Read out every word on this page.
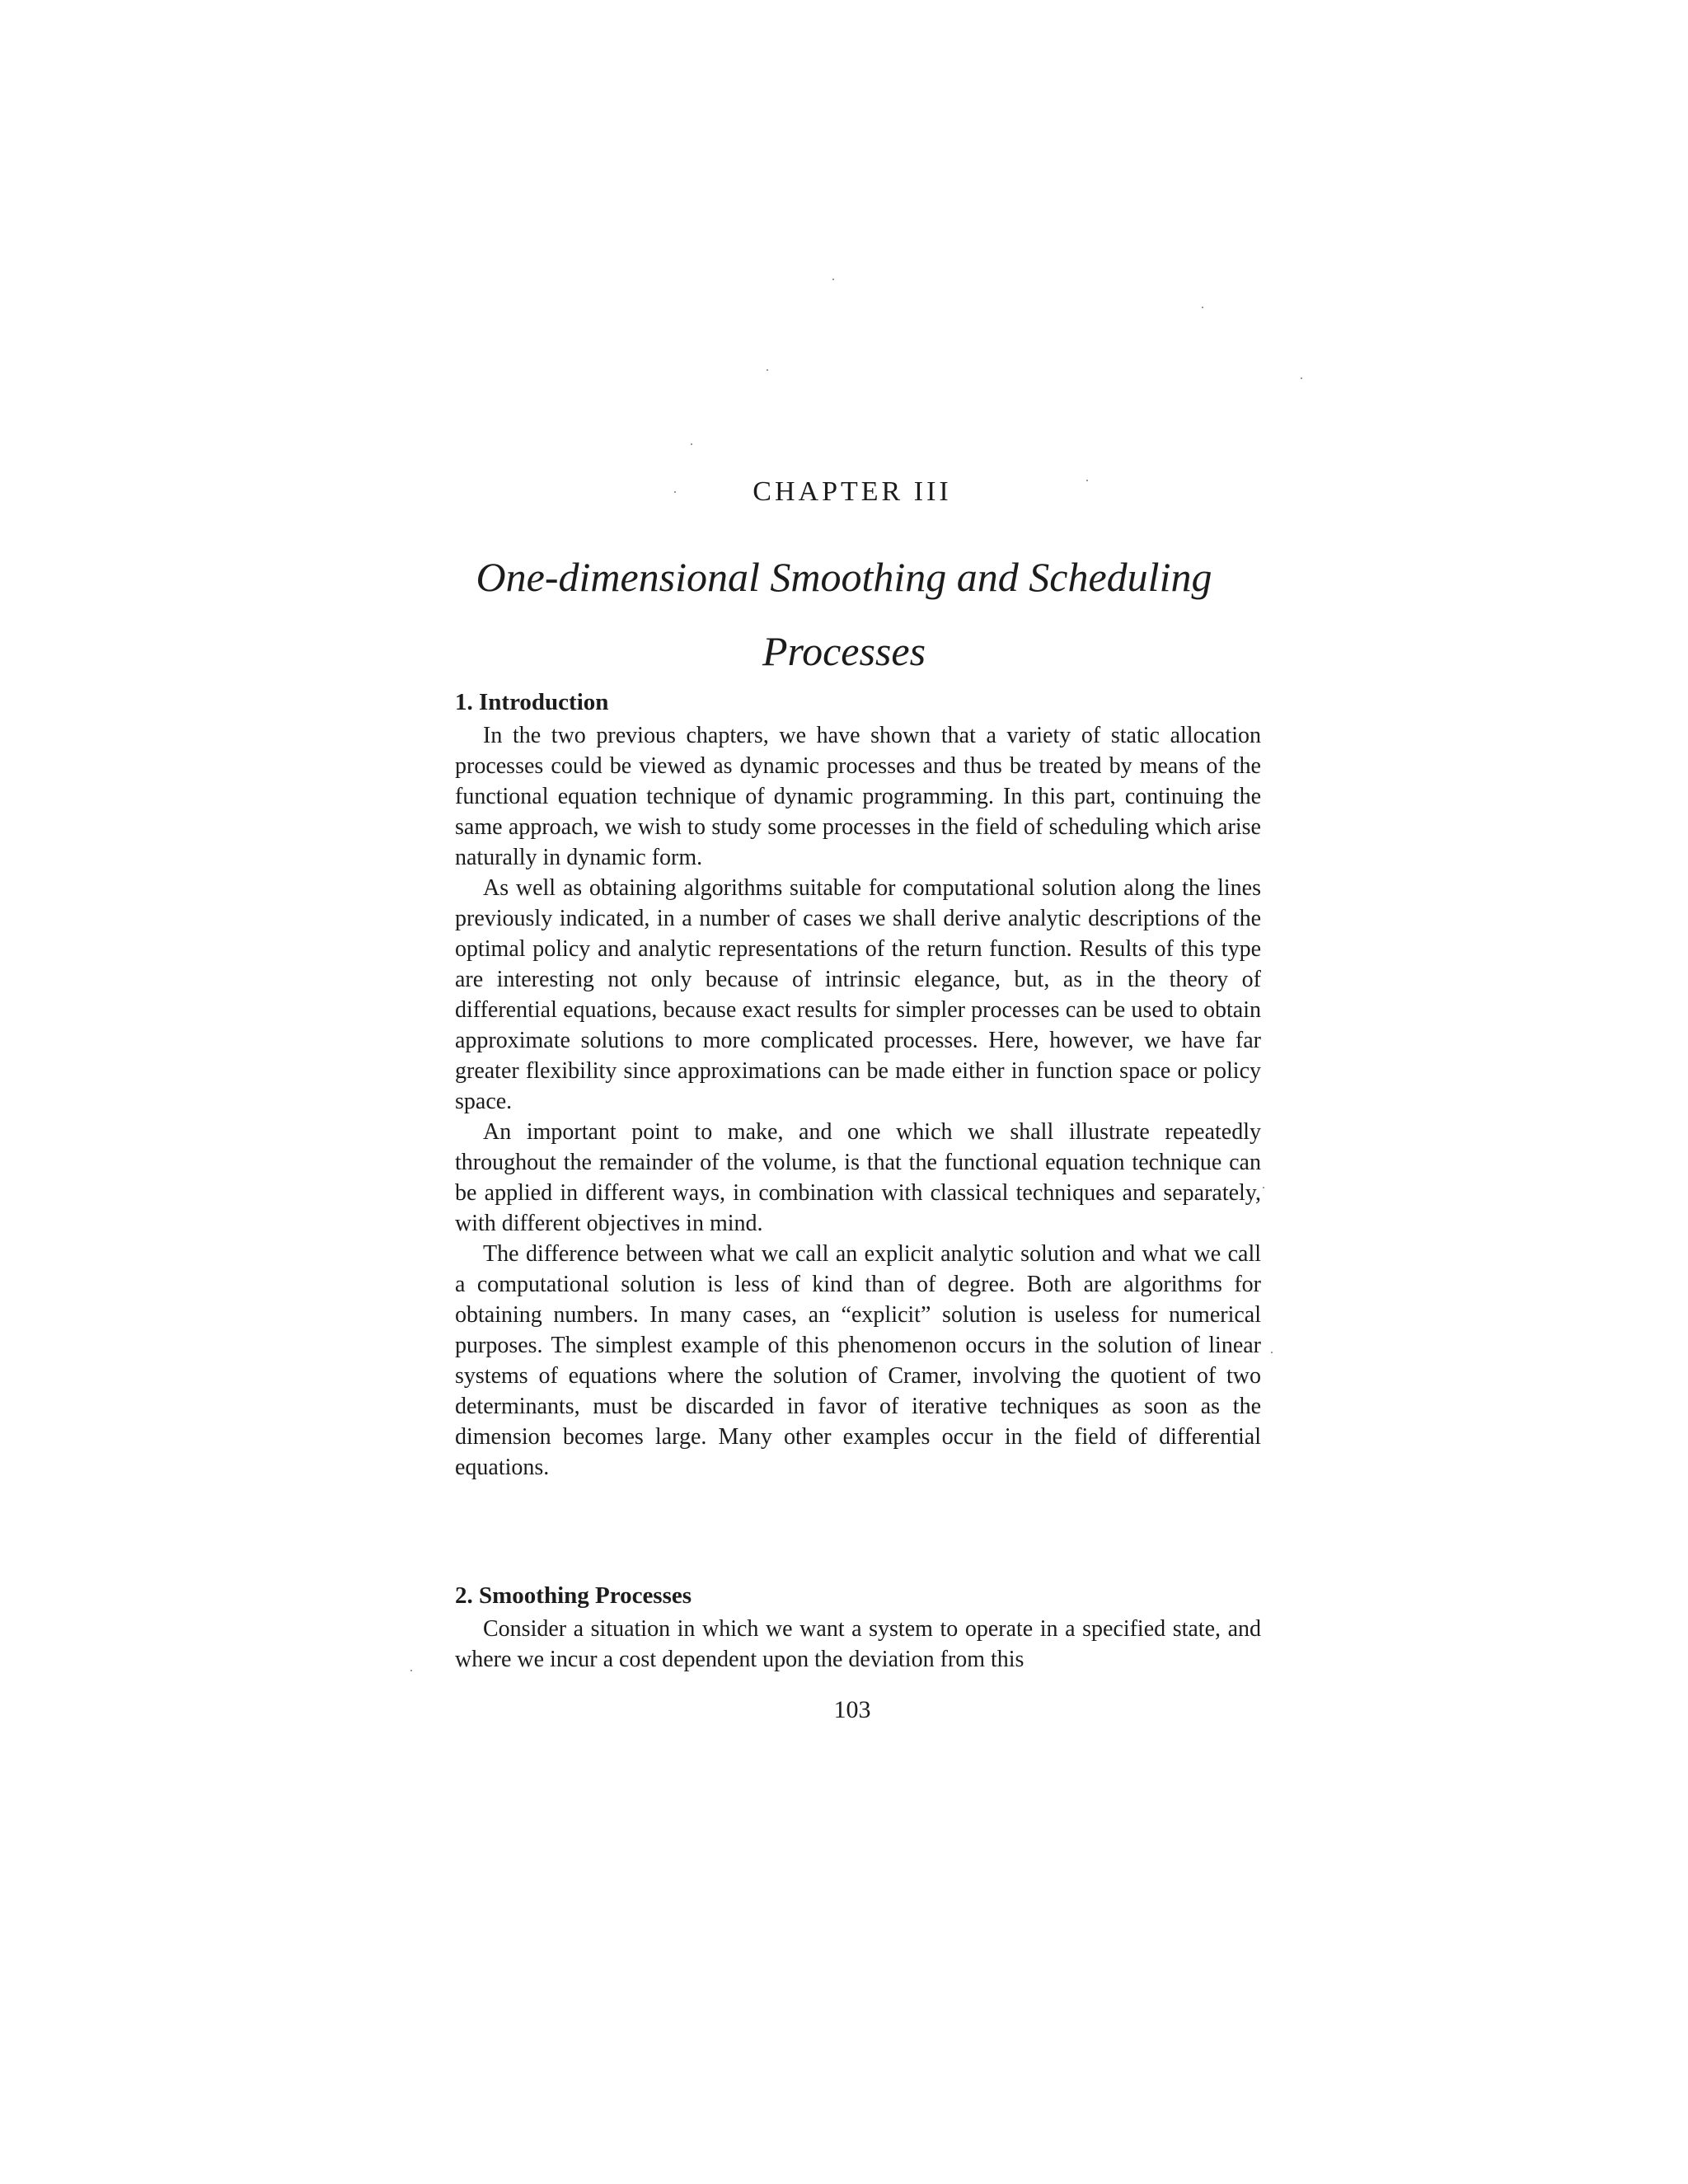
CHAPTER III
One-dimensional Smoothing and Scheduling
Processes
1. Introduction

In the two previous chapters, we have shown that a variety of static allocation processes could be viewed as dynamic processes and thus be treated by means of the functional equation technique of dynamic programming. In this part, continuing the same approach, we wish to study some processes in the field of scheduling which arise naturally in dynamic form.

As well as obtaining algorithms suitable for computational solution along the lines previously indicated, in a number of cases we shall derive analytic descriptions of the optimal policy and analytic representations of the return function. Results of this type are interesting not only because of intrinsic elegance, but, as in the theory of differential equations, because exact results for simpler processes can be used to obtain approximate solutions to more complicated processes. Here, however, we have far greater flexibility since approximations can be made either in function space or policy space.

An important point to make, and one which we shall illustrate repeatedly throughout the remainder of the volume, is that the functional equation technique can be applied in different ways, in combination with classical techniques and separately, with different objectives in mind.

The difference between what we call an explicit analytic solution and what we call a computational solution is less of kind than of degree. Both are algorithms for obtaining numbers. In many cases, an “explicit” solution is useless for numerical purposes. The simplest example of this phenomenon occurs in the solution of linear systems of equations where the solution of Cramer, involving the quotient of two determinants, must be discarded in favor of iterative techniques as soon as the dimension becomes large. Many other examples occur in the field of differential equations.

2. Smoothing Processes

Consider a situation in which we want a system to operate in a specified state, and where we incur a cost dependent upon the deviation from this

103
